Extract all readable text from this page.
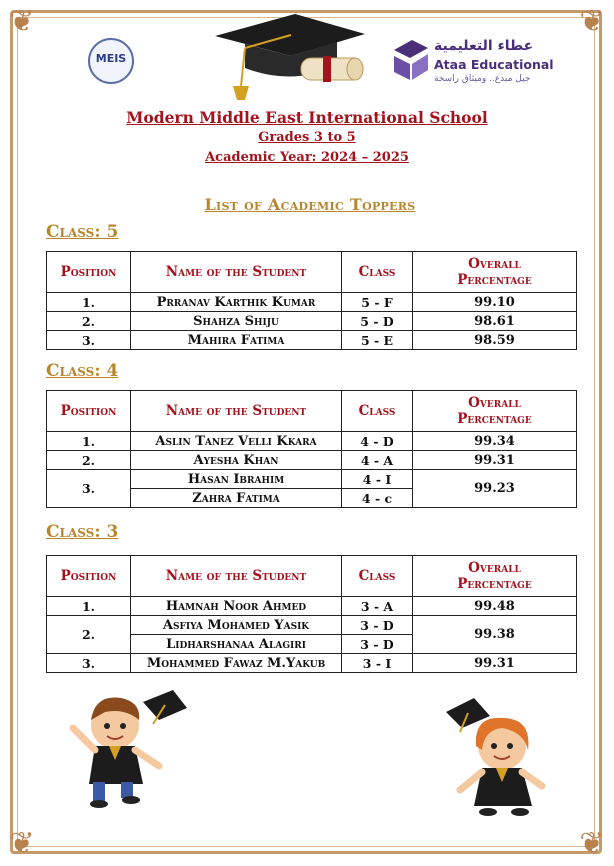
❦	❦
❦	❦
MEIS
عطاء التعليمية
Ataa Educational
جيل مبدع.. وميثاق راسخة
Modern Middle East International School
Grades 3 to 5
Academic Year: 2024 – 2025
List of Academic Toppers
Class: 5
Position	Name of the Student	Class	Overall
Percentage
1.	Prranav Karthik Kumar	5 - F	99.10
2.	Shahza Shiju	5 - D	98.61
3.	Mahira Fatima	5 - E	98.59
Class: 4
Position	Name of the Student	Class	Overall
Percentage
1.	Aslin Tanez Velli Kkara	4 - D	99.34
2.	Ayesha Khan	4 - A	99.31
3.	Hasan Ibrahim	4 - I	99.23
	Zahra Fatima	4 - c	
Class: 3
Position	Name of the Student	Class	Overall
Percentage
1.	Hamnah Noor Ahmed	3 - A	99.48
2.	Asfiya Mohamed Yasik	3 - D	99.38
	Lidharshanaa Alagiri	3 - D	
3.	Mohammed Fawaz M.Yakub	3 - I	99.31
